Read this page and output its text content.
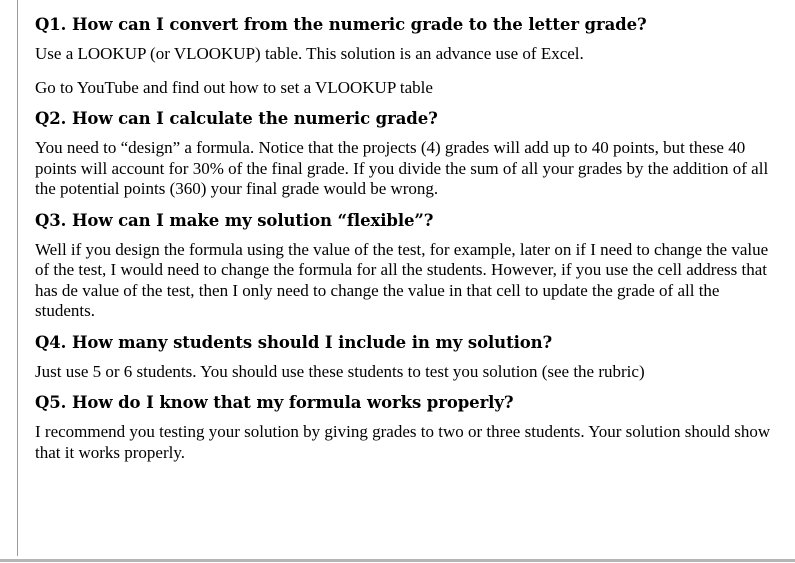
Q1. How can I convert from the numeric grade to the letter grade?

Use a LOOKUP (or VLOOKUP) table. This solution is an advance use of Excel.

Go to YouTube and find out how to set a VLOOKUP table

Q2. How can I calculate the numeric grade?

You need to “design” a formula. Notice that the projects (4) grades will add up to 40 points, but these 40 points will account for 30% of the final grade. If you divide the sum of all your grades by the addition of all the potential points (360) your final grade would be wrong.

Q3. How can I make my solution “flexible”?

Well if you design the formula using the value of the test, for example, later on if I need to change the value of the test, I would need to change the formula for all the students. However, if you use the cell address that has de value of the test, then I only need to change the value in that cell to update the grade of all the students.

Q4. How many students should I include in my solution?

Just use 5 or 6 students. You should use these students to test you solution (see the rubric)

Q5. How do I know that my formula works properly?

I recommend you testing your solution by giving grades to two or three students. Your solution should show that it works properly.
